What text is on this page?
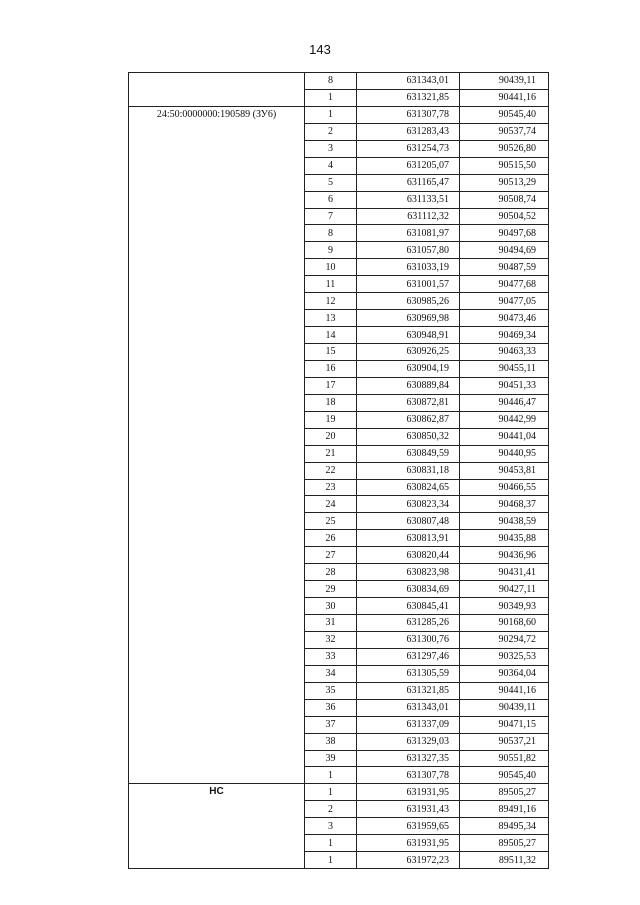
143
	8	631343,01	90439,11
	1	631321,85	90441,16
24:50:0000000:190589 (ЗУ6)	1	631307,78	90545,40
	2	631283,43	90537,74
	3	631254,73	90526,80
	4	631205,07	90515,50
	5	631165,47	90513,29
	6	631133,51	90508,74
	7	631112,32	90504,52
	8	631081,97	90497,68
	9	631057,80	90494,69
	10	631033,19	90487,59
	11	631001,57	90477,68
	12	630985,26	90477,05
	13	630969,98	90473,46
	14	630948,91	90469,34
	15	630926,25	90463,33
	16	630904,19	90455,11
	17	630889,84	90451,33
	18	630872,81	90446,47
	19	630862,87	90442,99
	20	630850,32	90441,04
	21	630849,59	90440,95
	22	630831,18	90453,81
	23	630824,65	90466,55
	24	630823,34	90468,37
	25	630807,48	90438,59
	26	630813,91	90435,88
	27	630820,44	90436,96
	28	630823,98	90431,41
	29	630834,69	90427,11
	30	630845,41	90349,93
	31	631285,26	90168,60
	32	631300,76	90294,72
	33	631297,46	90325,53
	34	631305,59	90364,04
	35	631321,85	90441,16
	36	631343,01	90439,11
	37	631337,09	90471,15
	38	631329,03	90537,21
	39	631327,35	90551,82
	1	631307,78	90545,40
НС	1	631931,95	89505,27
	2	631931,43	89491,16
	3	631959,65	89495,34
	1	631931,95	89505,27
	1	631972,23	89511,32
